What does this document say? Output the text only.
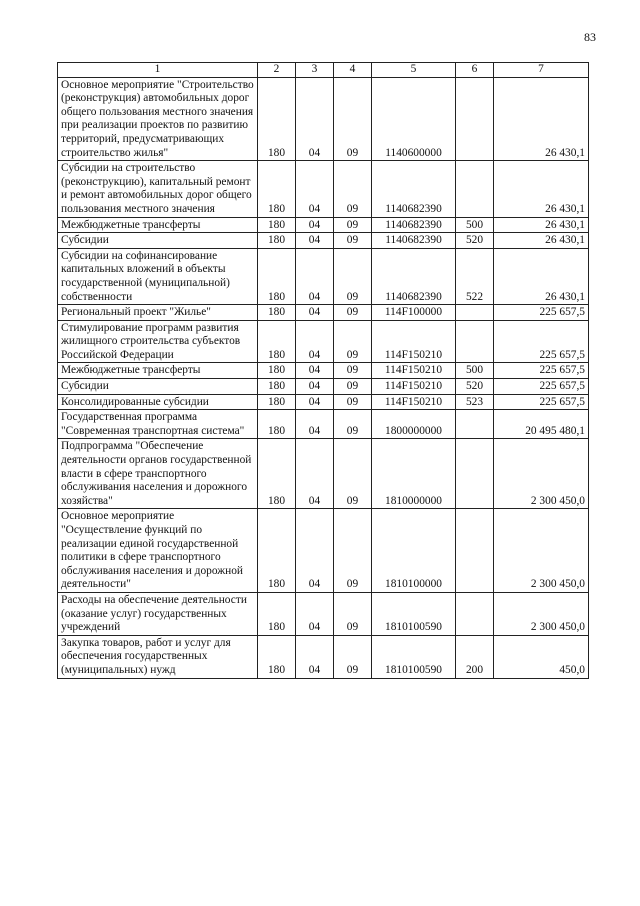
83
1	2	3	4	5	6	7
Основное мероприятие "Строительство (реконструкция) автомобильных дорог общего пользования местного значения при реализации проектов по развитию территорий, предусматривающих строительство жилья"	180	04	09	1140600000		26 430,1
Субсидии на строительство (реконструкцию), капитальный ремонт и ремонт автомобильных дорог общего пользования местного значения	180	04	09	1140682390		26 430,1
Межбюджетные трансферты	180	04	09	1140682390	500	26 430,1
Субсидии	180	04	09	1140682390	520	26 430,1
Субсидии на софинансирование капитальных вложений в объекты государственной (муниципальной) собственности	180	04	09	1140682390	522	26 430,1
Региональный проект "Жилье"	180	04	09	114F100000		225 657,5
Стимулирование программ развития жилищного строительства субъектов Российской Федерации	180	04	09	114F150210		225 657,5
Межбюджетные трансферты	180	04	09	114F150210	500	225 657,5
Субсидии	180	04	09	114F150210	520	225 657,5
Консолидированные субсидии	180	04	09	114F150210	523	225 657,5
Государственная программа "Современная транспортная система"	180	04	09	1800000000		20 495 480,1
Подпрограмма "Обеспечение деятельности органов государственной власти в сфере транспортного обслуживания населения и дорожного хозяйства"	180	04	09	1810000000		2 300 450,0
Основное мероприятие "Осуществление функций по реализации единой государственной политики в сфере транспортного обслуживания населения и дорожной деятельности"	180	04	09	1810100000		2 300 450,0
Расходы на обеспечение деятельности (оказание услуг) государственных учреждений	180	04	09	1810100590		2 300 450,0
Закупка товаров, работ и услуг для обеспечения государственных (муниципальных) нужд	180	04	09	1810100590	200	450,0
